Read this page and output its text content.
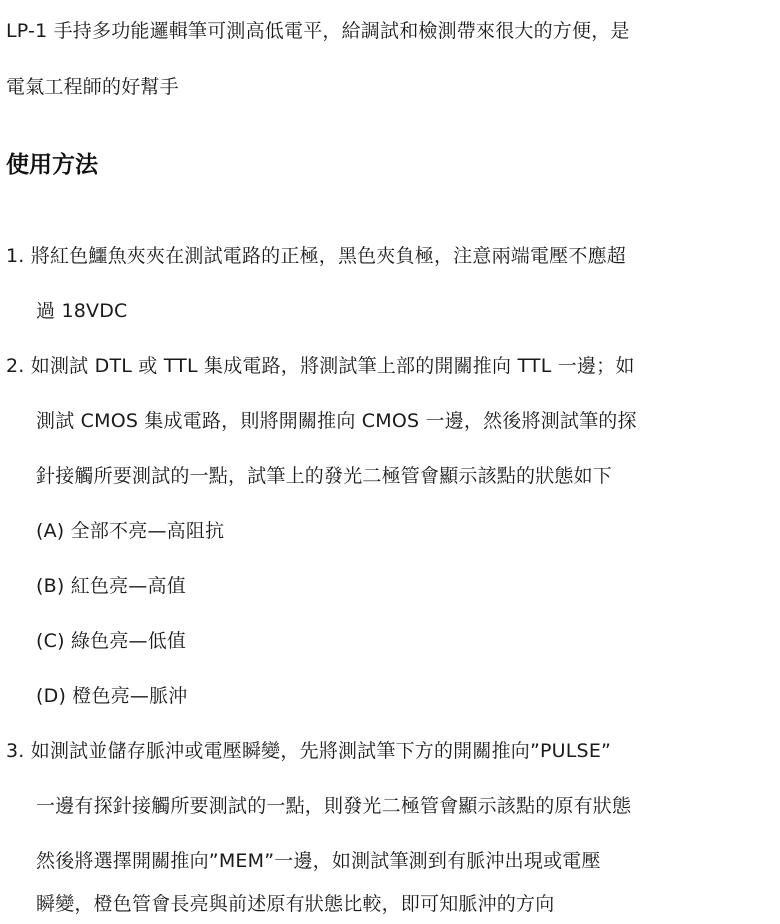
LP-1 手持多功能邏輯筆可測高低電平，給調試和檢測帶來很大的方便，是
電氣工程師的好幫手
使用方法
1. 將紅色鱷魚夾夾在測試電路的正極，黑色夾負極，注意兩端電壓不應超
過 18VDC
2. 如測試 DTL 或 TTL 集成電路，將測試筆上部的開關推向 TTL 一邊；如
測試 CMOS 集成電路，則將開關推向 CMOS 一邊，然後將測試筆的探
針接觸所要測試的一點，試筆上的發光二極管會顯示該點的狀態如下
(A) 全部不亮—高阻抗
(B) 紅色亮—高值
(C) 綠色亮—低值
(D) 橙色亮—脈沖
3. 如測試並儲存脈沖或電壓瞬變，先將測試筆下方的開關推向”PULSE”
一邊有探針接觸所要測試的一點，則發光二極管會顯示該點的原有狀態
然後將選擇開關推向”MEM”一邊，如測試筆測到有脈沖出現或電壓
瞬變，橙色管會長亮與前述原有狀態比較，即可知脈沖的方向
